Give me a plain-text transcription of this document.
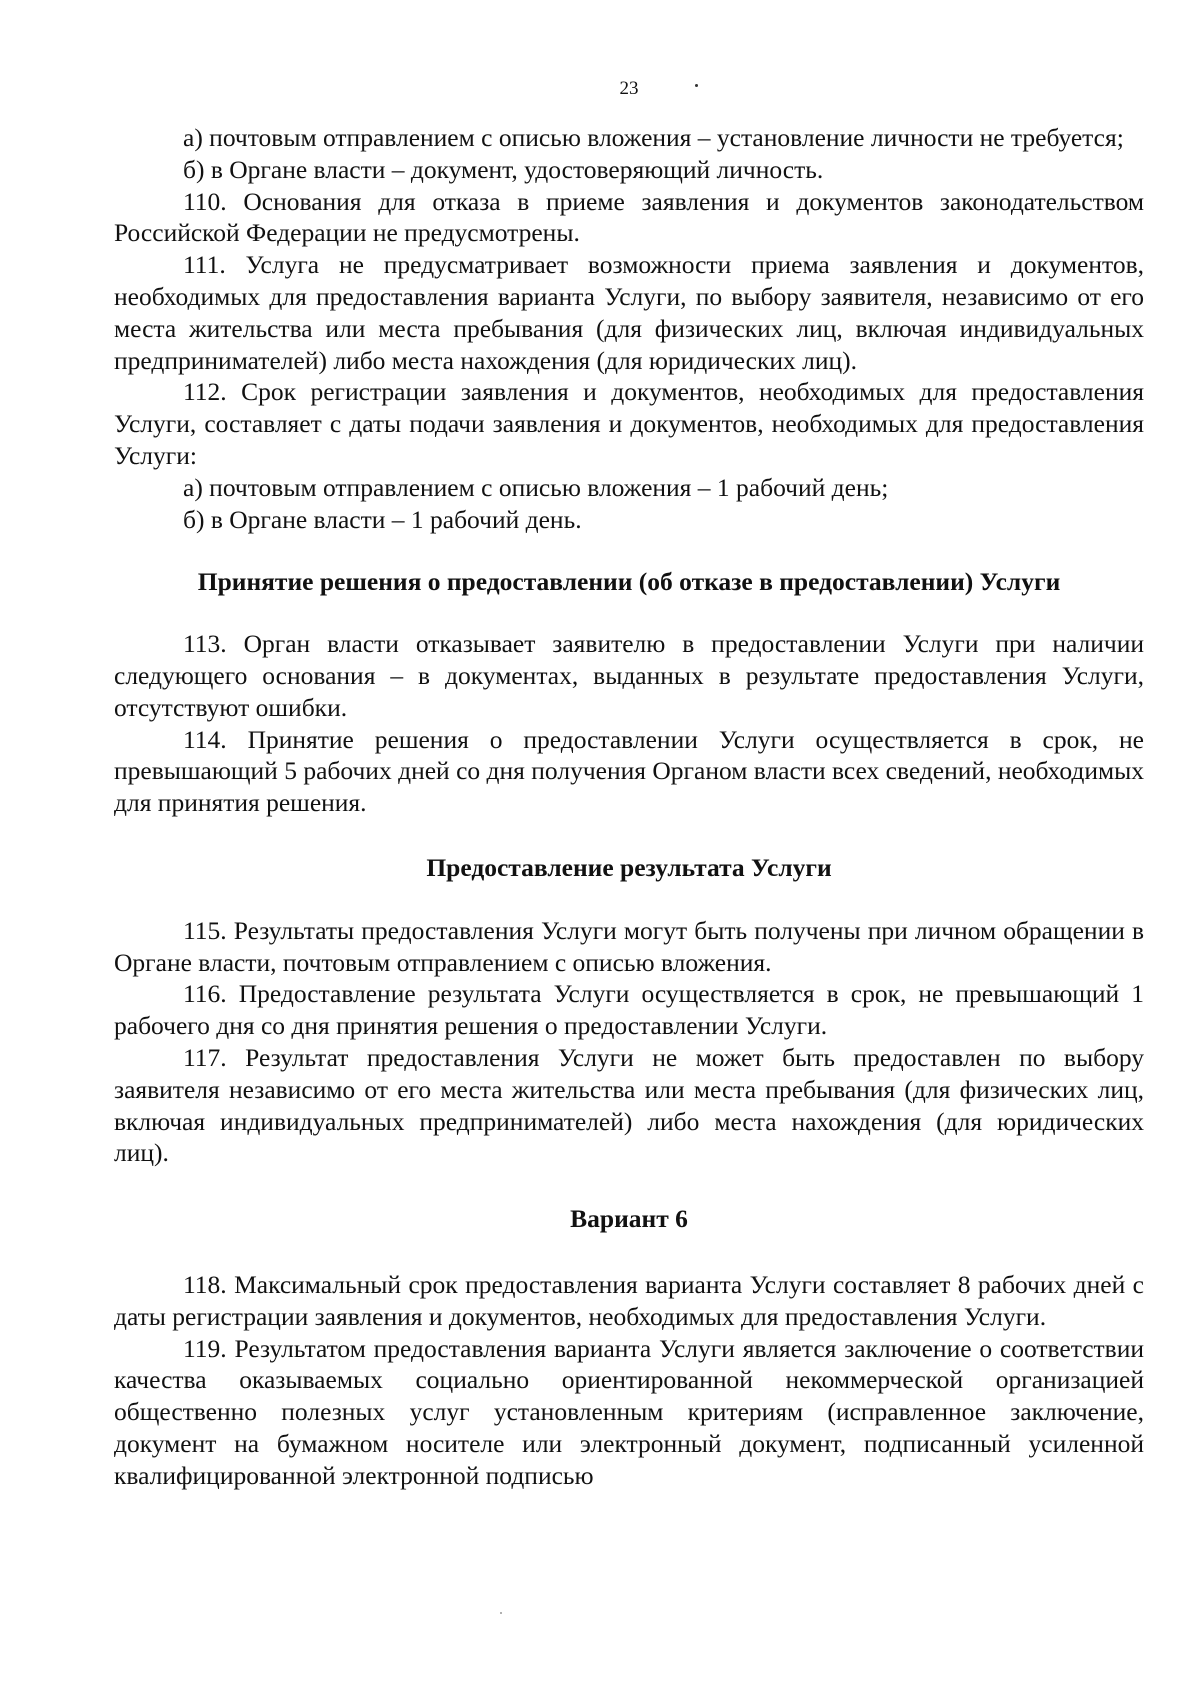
23

а) почтовым отправлением с описью вложения – установление личности не требуется;

б) в Органе власти – документ, удостоверяющий личность.

110. Основания для отказа в приеме заявления и документов законодательством Российской Федерации не предусмотрены.

111. Услуга не предусматривает возможности приема заявления и документов, необходимых для предоставления варианта Услуги, по выбору заявителя, независимо от его места жительства или места пребывания (для физических лиц, включая индивидуальных предпринимателей) либо места нахождения (для юридических лиц).

112. Срок регистрации заявления и документов, необходимых для предоставления Услуги, составляет с даты подачи заявления и документов, необходимых для предоставления Услуги:

а) почтовым отправлением с описью вложения – 1 рабочий день;

б) в Органе власти – 1 рабочий день.

Принятие решения о предоставлении (об отказе в предоставлении) Услуги

113. Орган власти отказывает заявителю в предоставлении Услуги при наличии следующего основания – в документах, выданных в результате предоставления Услуги, отсутствуют ошибки.

114. Принятие решения о предоставлении Услуги осуществляется в срок, не превышающий 5 рабочих дней со дня получения Органом власти всех сведений, необходимых для принятия решения.

Предоставление результата Услуги

115. Результаты предоставления Услуги могут быть получены при личном обращении в Органе власти, почтовым отправлением с описью вложения.

116. Предоставление результата Услуги осуществляется в срок, не превышающий 1 рабочего дня со дня принятия решения о предоставлении Услуги.

117. Результат предоставления Услуги не может быть предоставлен по выбору заявителя независимо от его места жительства или места пребывания (для физических лиц, включая индивидуальных предпринимателей) либо места нахождения (для юридических лиц).

Вариант 6

118. Максимальный срок предоставления варианта Услуги составляет 8 рабочих дней с даты регистрации заявления и документов, необходимых для предоставления Услуги.

119. Результатом предоставления варианта Услуги является заключение о соответствии качества оказываемых социально ориентированной некоммерческой организацией общественно полезных услуг установленным критериям (исправленное заключение, документ на бумажном носителе или электронный документ, подписанный усиленной квалифицированной электронной подписью
